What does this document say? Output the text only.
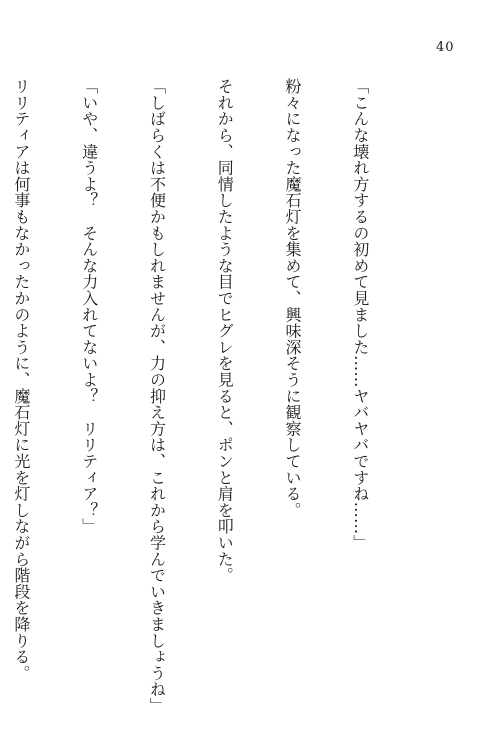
40

「こんな壊れ方するの初めて見ました……ヤバヤバですね……」

粉々になった魔石灯を集めて、興味深そうに観察している。

それから、同情したような目でヒグレを見ると、ポンと肩を叩いた。

「しばらくは不便かもしれませんが、力の抑え方は、これから学んでいきましょうね」

「いや、違うよ？　そんな力入れてないよ？　リリティア？」

リリティアは何事もなかったかのように、魔石灯に光を灯しながら階段を降りる。
